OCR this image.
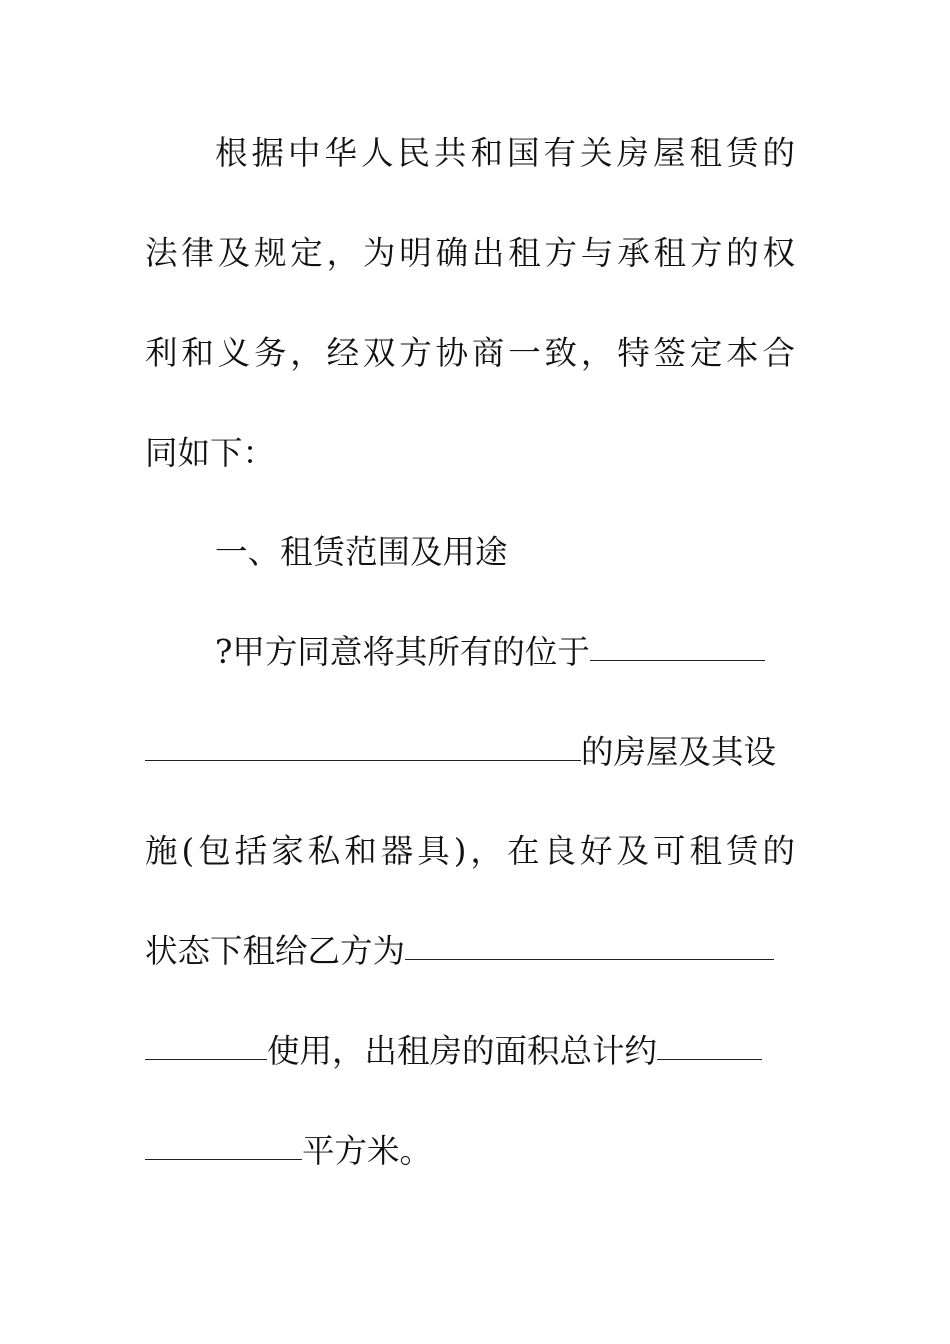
根据中华人民共和国有关房屋租赁的
法律及规定，为明确出租方与承租方的权
利和义务，经双方协商一致，特签定本合
同如下：
一、租赁范围及用途
?甲方同意将其所有的位于
的房屋及其设
施(包括家私和器具)，在良好及可租赁的
状态下租给乙方为
使用，出租房的面积总计约
平方米。
